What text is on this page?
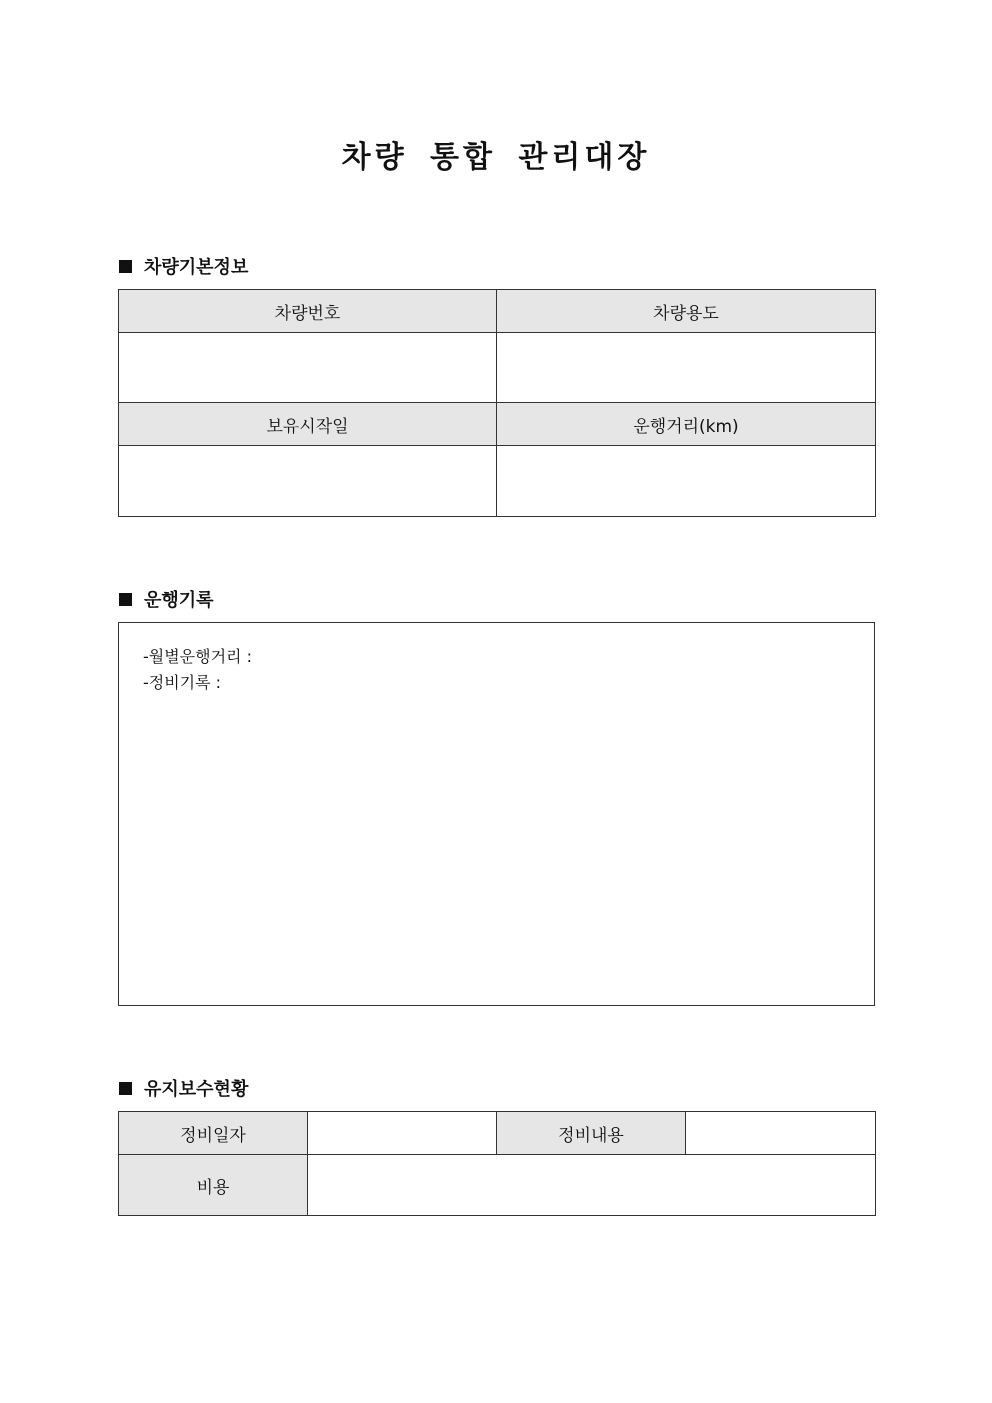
차량 통합 관리대장
차량기본정보
차량번호	차량용도

보유시작일	운행거리(km)

운행기록
-월별운행거리 :
-정비기록 :
유지보수현황
정비일자		정비내용	
비용			
